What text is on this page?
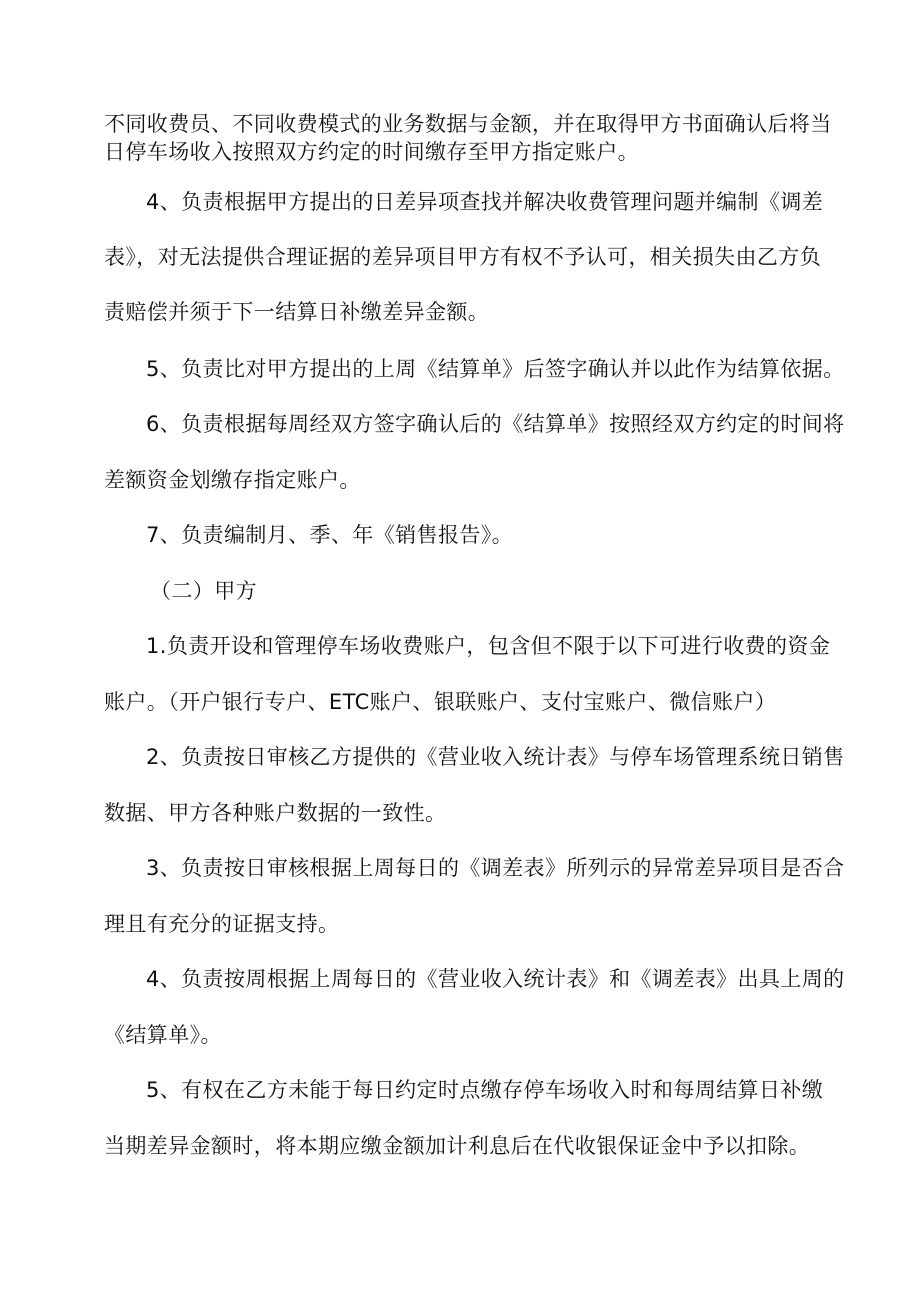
不同收费员、不同收费模式的业务数据与金额，并在取得甲方书面确认后将当
日停车场收入按照双方约定的时间缴存至甲方指定账户。
4、负责根据甲方提出的日差异项查找并解决收费管理问题并编制《调差
表》，对无法提供合理证据的差异项目甲方有权不予认可，相关损失由乙方负
责赔偿并须于下一结算日补缴差异金额。
5、负责比对甲方提出的上周《结算单》后签字确认并以此作为结算依据。
6、负责根据每周经双方签字确认后的《结算单》按照经双方约定的时间将
差额资金划缴存指定账户。
7、负责编制月、季、年《销售报告》。
（二）甲方
1.负责开设和管理停车场收费账户，包含但不限于以下可进行收费的资金
账户。（开户银行专户、ETC账户、银联账户、支付宝账户、微信账户）
2、负责按日审核乙方提供的《营业收入统计表》与停车场管理系统日销售
数据、甲方各种账户数据的一致性。
3、负责按日审核根据上周每日的《调差表》所列示的异常差异项目是否合
理且有充分的证据支持。
4、负责按周根据上周每日的《营业收入统计表》和《调差表》出具上周的
《结算单》。
5、有权在乙方未能于每日约定时点缴存停车场收入时和每周结算日补缴
当期差异金额时，将本期应缴金额加计利息后在代收银保证金中予以扣除。
